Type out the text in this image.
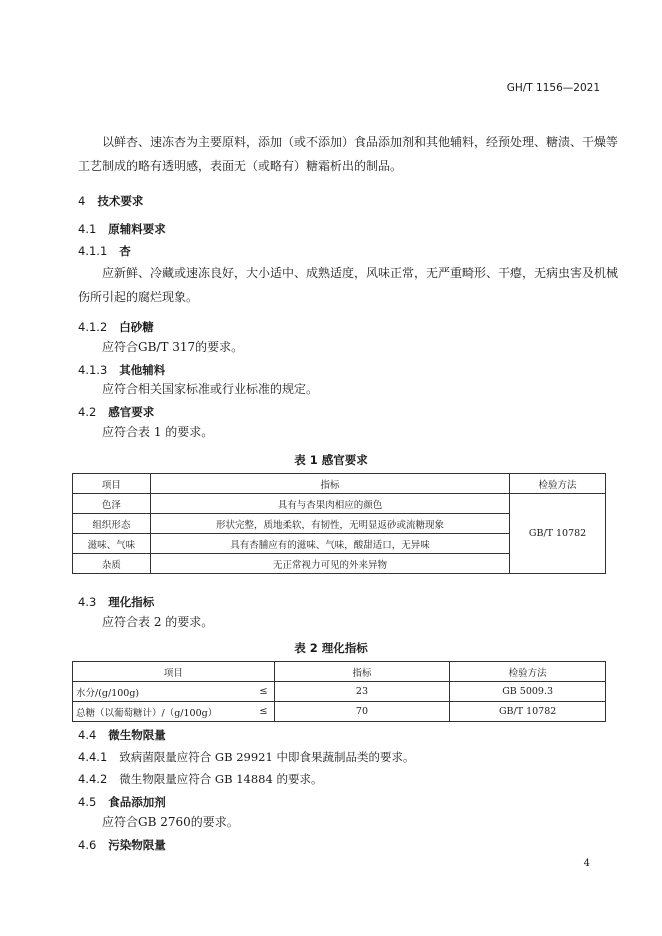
GH/T 1156—2021
以鲜杏、速冻杏为主要原料，添加（或不添加）食品添加剂和其他辅料，经预处理、糖渍、干燥等
工艺制成的略有透明感，表面无（或略有）糖霜析出的制品。
4 技术要求
4.1 原辅料要求
4.1.1 杏
应新鲜、冷藏或速冻良好，大小适中、成熟适度，风味正常，无严重畸形、干瘪，无病虫害及机械
伤所引起的腐烂现象。
4.1.2 白砂糖
应符合GB/T 317的要求。
4.1.3 其他辅料
应符合相关国家标准或行业标准的规定。
4.2 感官要求
应符合表 1 的要求。
表 1 感官要求
项目	指标	检验方法
色泽	具有与杏果肉相应的颜色	GB/T 10782
组织形态	形状完整，质地柔软，有韧性，无明显返砂或流糖现象	
滋味、气味	具有杏脯应有的滋味、气味，酸甜适口，无异味	
杂质	无正常视力可见的外来异物	
4.3 理化指标
应符合表 2 的要求。
表 2 理化指标
项目		指标	检验方法
水分/(g/100g)	≤	23	GB 5009.3
总糖（以葡萄糖计）/（g/100g）	≤	70	GB/T 10782
4.4 微生物限量
4.4.1 致病菌限量应符合 GB 29921 中即食果蔬制品类的要求。
4.4.2 微生物限量应符合 GB 14884 的要求。
4.5 食品添加剂
应符合GB 2760的要求。
4.6 污染物限量
4
